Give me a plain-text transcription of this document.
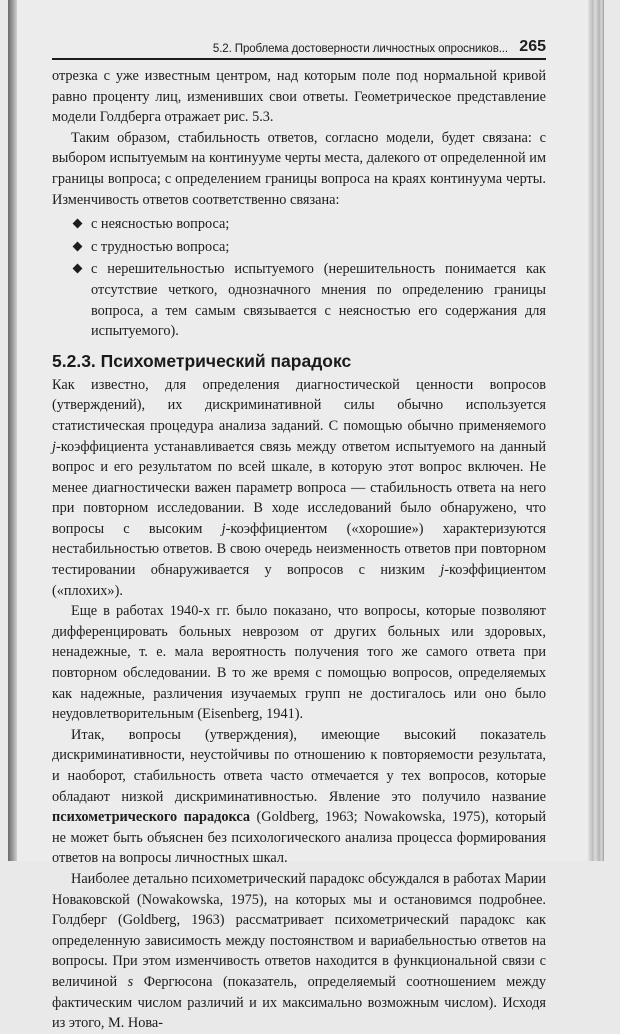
5.2. Проблема достоверности личностных опросников... 265

отрезка с уже известным центром, над которым поле под нормальной кривой равно проценту лиц, изменивших свои ответы. Геометрическое представление модели Голдберга отражает рис. 5.3.

Таким образом, стабильность ответов, согласно модели, будет связана: с выбором испытуемым на континууме черты места, далекого от определенной им границы вопроса; с определением границы вопроса на краях континуума черты. Изменчивость ответов соответственно связана:

с неясностью вопроса;
с трудностью вопроса;
с нерешительностью испытуемого (нерешительность понимается как отсутствие четкого, однозначного мнения по определению границы вопроса, а тем самым связывается с неясностью его содержания для испытуемого).
5.2.3. Психометрический парадокс

Как известно, для определения диагностической ценности вопросов (утверждений), их дискриминативной силы обычно используется статистическая процедура анализа заданий. С помощью обычно применяемого j-коэффициента устанавливается связь между ответом испытуемого на данный вопрос и его результатом по всей шкале, в которую этот вопрос включен. Не менее диагностически важен параметр вопроса — стабильность ответа на него при повторном исследовании. В ходе исследований было обнаружено, что вопросы с высоким j-коэффициентом («хорошие») характеризуются нестабильностью ответов. В свою очередь неизменность ответов при повторном тестировании обнаруживается у вопросов с низким j-коэффициентом («плохих»).

Еще в работах 1940-х гг. было показано, что вопросы, которые позволяют дифференцировать больных неврозом от других больных или здоровых, ненадежные, т. е. мала вероятность получения того же самого ответа при повторном обследовании. В то же время с помощью вопросов, определяемых как надежные, различения изучаемых групп не достигалось или оно было неудовлетворительным (Eisenberg, 1941).

Итак, вопросы (утверждения), имеющие высокий показатель дискриминативности, неустойчивы по отношению к повторяемости результата, и наоборот, стабильность ответа часто отмечается у тех вопросов, которые обладают низкой дискриминативностью. Явление это получило название психометрического парадокса (Goldberg, 1963; Nowakowska, 1975), который не может быть объяснен без психологического анализа процесса формирования ответов на вопросы личностных шкал.

Наиболее детально психометрический парадокс обсуждался в работах Марии Новаковской (Nowakowska, 1975), на которых мы и остановимся подробнее. Голдберг (Goldberg, 1963) рассматривает психометрический парадокс как определенную зависимость между постоянством и вариабельностью ответов на вопросы. При этом изменчивость ответов находится в функциональной связи с величиной s Фергюсона (показатель, определяемый соотношением между фактическим числом различий и их максимально возможным числом). Исходя из этого, М. Нова-
